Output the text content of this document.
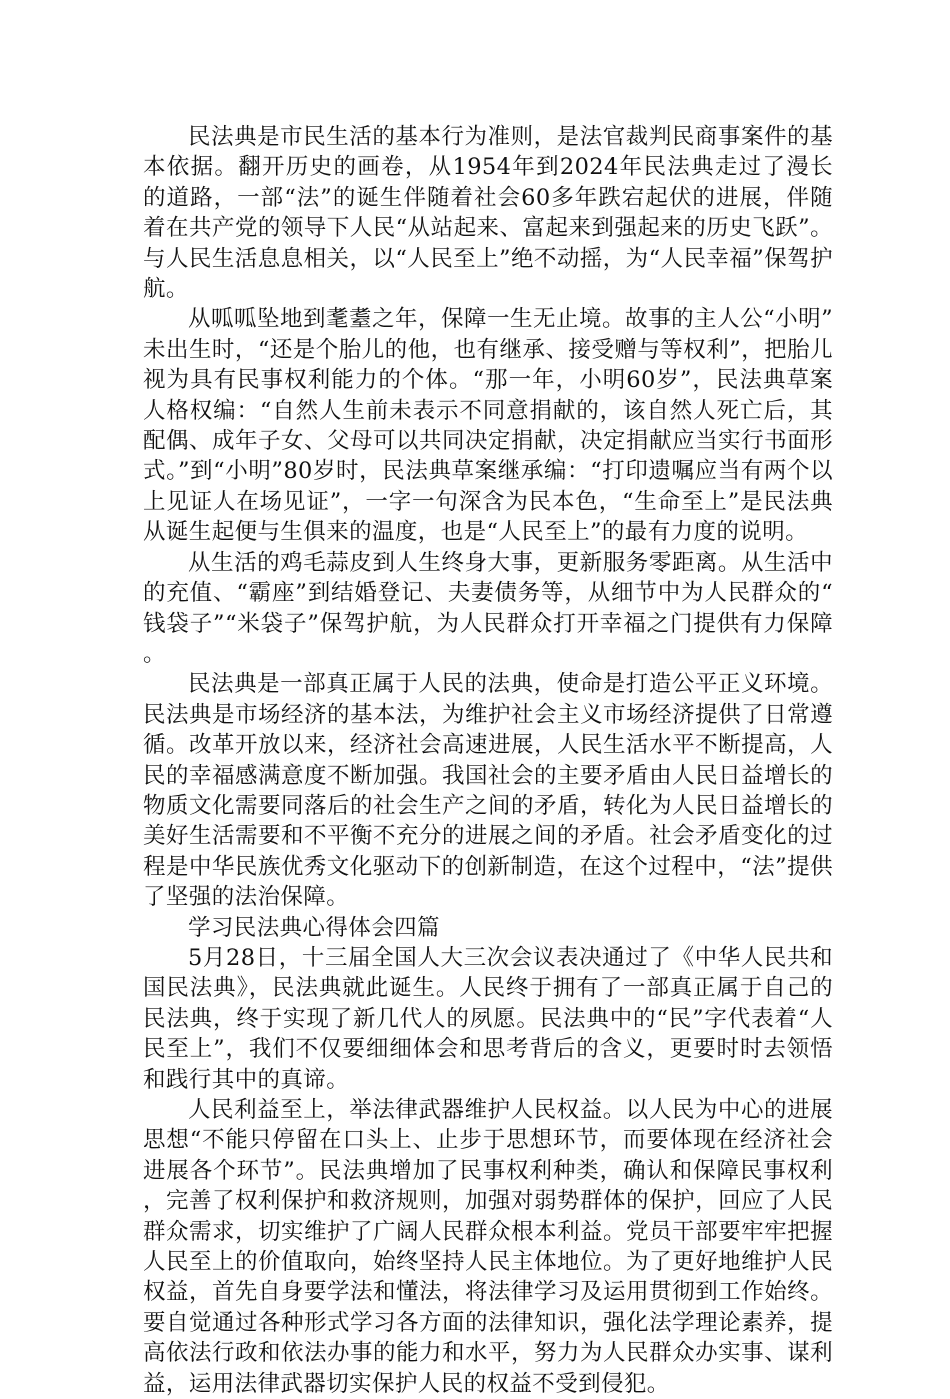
民法典是市民生活的基本行为准则，是法官裁判民商事案件的基本依据。翻开历史的画卷，从1954年到2024年民法典走过了漫长的道路，一部“法”的诞生伴随着社会60多年跌宕起伏的进展，伴随着在共产党的领导下人民“从站起来、富起来到强起来的历史飞跃”。与人民生活息息相关，以“人民至上”绝不动摇，为“人民幸福”保驾护航。

从呱呱坠地到耄耋之年，保障一生无止境。故事的主人公“小明”未出生时，“还是个胎儿的他，也有继承、接受赠与等权利”，把胎儿视为具有民事权利能力的个体。“那一年，小明60岁”，民法典草案人格权编：“自然人生前未表示不同意捐献的，该自然人死亡后，其配偶、成年子女、父母可以共同决定捐献，决定捐献应当实行书面形式。”到“小明”80岁时，民法典草案继承编：“打印遗嘱应当有两个以上见证人在场见证”，一字一句深含为民本色，“生命至上”是民法典从诞生起便与生俱来的温度，也是“人民至上”的最有力度的说明。

从生活的鸡毛蒜皮到人生终身大事，更新服务零距离。从生活中的充值、“霸座”到结婚登记、夫妻债务等，从细节中为人民群众的“钱袋子”“米袋子”保驾护航，为人民群众打开幸福之门提供有力保障。

民法典是一部真正属于人民的法典，使命是打造公平正义环境。民法典是市场经济的基本法，为维护社会主义市场经济提供了日常遵循。改革开放以来，经济社会高速进展，人民生活水平不断提高，人民的幸福感满意度不断加强。我国社会的主要矛盾由人民日益增长的物质文化需要同落后的社会生产之间的矛盾，转化为人民日益增长的美好生活需要和不平衡不充分的进展之间的矛盾。社会矛盾变化的过程是中华民族优秀文化驱动下的创新制造，在这个过程中，“法”提供了坚强的法治保障。

学习民法典心得体会四篇

5月28日，十三届全国人大三次会议表决通过了《中华人民共和国民法典》，民法典就此诞生。人民终于拥有了一部真正属于自己的民法典，终于实现了新几代人的夙愿。民法典中的“民”字代表着“人民至上”，我们不仅要细细体会和思考背后的含义，更要时时去领悟和践行其中的真谛。

人民利益至上，举法律武器维护人民权益。以人民为中心的进展思想“不能只停留在口头上、止步于思想环节，而要体现在经济社会进展各个环节”。民法典增加了民事权利种类，确认和保障民事权利，完善了权利保护和救济规则，加强对弱势群体的保护，回应了人民群众需求，切实维护了广阔人民群众根本利益。党员干部要牢牢把握人民至上的价值取向，始终坚持人民主体地位。为了更好地维护人民权益，首先自身要学法和懂法，将法律学习及运用贯彻到工作始终。要自觉通过各种形式学习各方面的法律知识，强化法学理论素养，提高依法行政和依法办事的能力和水平，努力为人民群众办实事、谋利益，运用法律武器切实保护人民的权益不受到侵犯。
